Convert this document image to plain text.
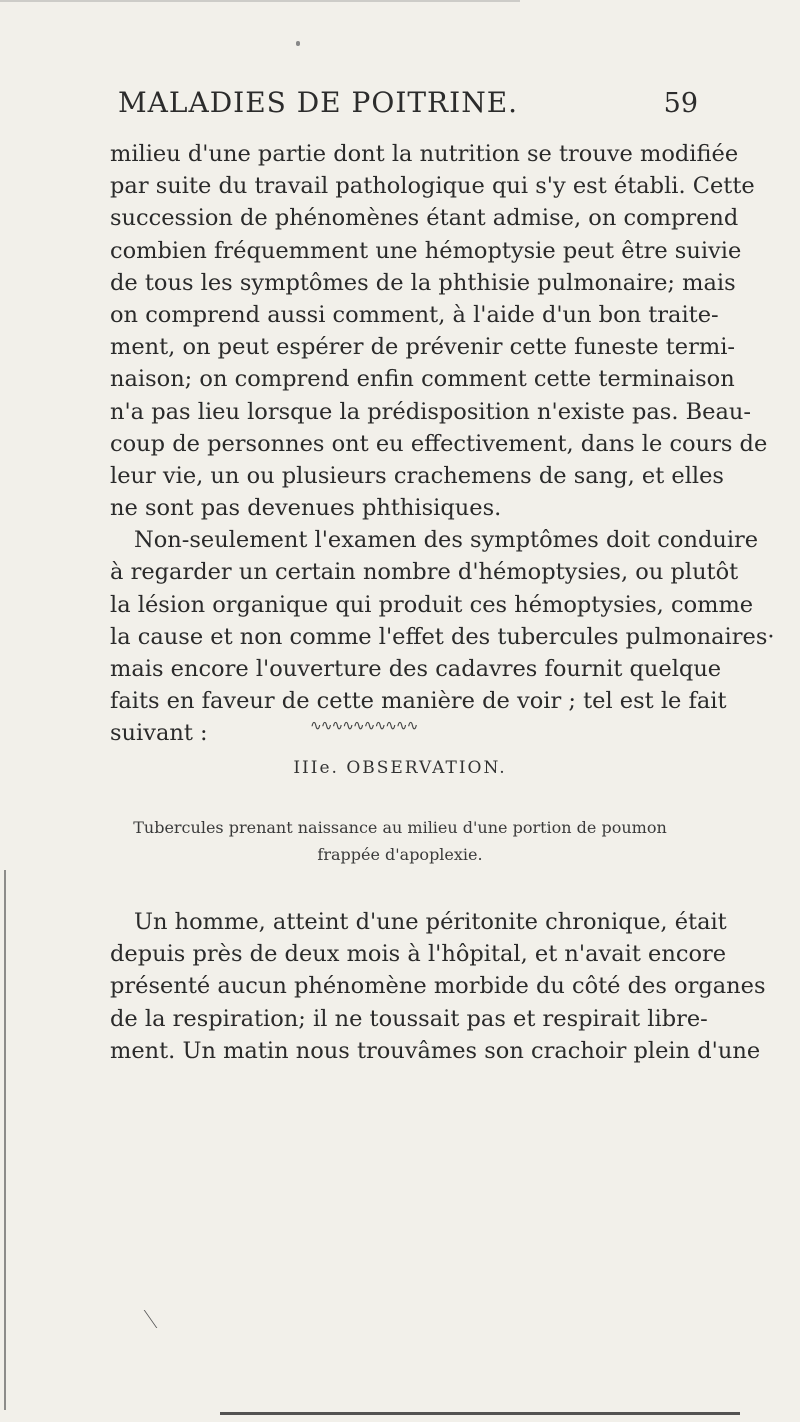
MALADIES DE POITRINE.	59
milieu d'une partie dont la nutrition se trouve modifiée
par suite du travail pathologique qui s'y est établi. Cette
succession de phénomènes étant admise, on comprend
combien fréquemment une hémoptysie peut être suivie
de tous les symptômes de la phthisie pulmonaire; mais
on comprend aussi comment, à l'aide d'un bon traite-
ment, on peut espérer de prévenir cette funeste termi-
naison; on comprend enfin comment cette terminaison
n'a pas lieu lorsque la prédisposition n'existe pas. Beau-
coup de personnes ont eu effectivement, dans le cours de
leur vie, un ou plusieurs crachemens de sang, et elles
ne sont pas devenues phthisiques.
Non-seulement l'examen des symptômes doit conduire
à regarder un certain nombre d'hémoptysies, ou plutôt
la lésion organique qui produit ces hémoptysies, comme
la cause et non comme l'effet des tubercules pulmonaires·
mais encore l'ouverture des cadavres fournit quelque
faits en faveur de cette manière de voir ; tel est le fait
suivant :	∿∿∿∿∿∿∿∿∿∿
IIIe. OBSERVATION.
Tubercules prenant naissance au milieu d'une portion de poumon
frappée d'apoplexie.
Un homme, atteint d'une péritonite chronique, était
depuis près de deux mois à l'hôpital, et n'avait encore
présenté aucun phénomène morbide du côté des organes
de la respiration; il ne toussait pas et respirait libre-
ment. Un matin nous trouvâmes son crachoir plein d'une
